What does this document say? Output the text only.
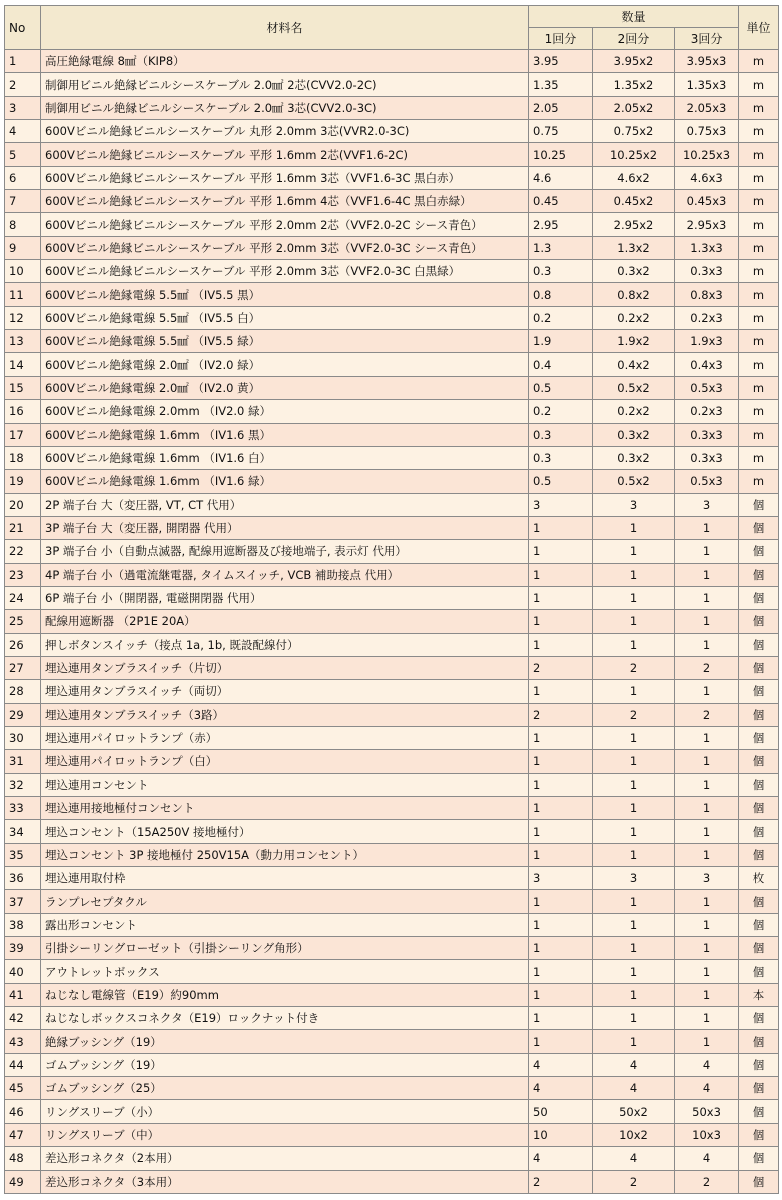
No	材料名	数量			単位
		1回分	2回分	3回分	
1	高圧絶縁電線 8㎟（KIP8）	3.95	3.95x2	3.95x3	m
2	制御用ビニル絶縁ビニルシースケーブル 2.0㎟ 2芯(CVV2.0-2C)	1.35	1.35x2	1.35x3	m
3	制御用ビニル絶縁ビニルシースケーブル 2.0㎟ 3芯(CVV2.0-3C)	2.05	2.05x2	2.05x3	m
4	600Vビニル絶縁ビニルシースケーブル 丸形 2.0mm 3芯(VVR2.0-3C)	0.75	0.75x2	0.75x3	m
5	600Vビニル絶縁ビニルシースケーブル 平形 1.6mm 2芯(VVF1.6-2C)	10.25	10.25x2	10.25x3	m
6	600Vビニル絶縁ビニルシースケーブル 平形 1.6mm 3芯（VVF1.6-3C 黒白赤）	4.6	4.6x2	4.6x3	m
7	600Vビニル絶縁ビニルシースケーブル 平形 1.6mm 4芯（VVF1.6-4C 黒白赤緑）	0.45	0.45x2	0.45x3	m
8	600Vビニル絶縁ビニルシースケーブル 平形 2.0mm 2芯（VVF2.0-2C シース青色）	2.95	2.95x2	2.95x3	m
9	600Vビニル絶縁ビニルシースケーブル 平形 2.0mm 3芯（VVF2.0-3C シース青色）	1.3	1.3x2	1.3x3	m
10	600Vビニル絶縁ビニルシースケーブル 平形 2.0mm 3芯（VVF2.0-3C 白黒緑）	0.3	0.3x2	0.3x3	m
11	600Vビニル絶縁電線 5.5㎟ （IV5.5 黒）	0.8	0.8x2	0.8x3	m
12	600Vビニル絶縁電線 5.5㎟ （IV5.5 白）	0.2	0.2x2	0.2x3	m
13	600Vビニル絶縁電線 5.5㎟ （IV5.5 緑）	1.9	1.9x2	1.9x3	m
14	600Vビニル絶縁電線 2.0㎟ （IV2.0 緑）	0.4	0.4x2	0.4x3	m
15	600Vビニル絶縁電線 2.0㎟ （IV2.0 黄）	0.5	0.5x2	0.5x3	m
16	600Vビニル絶縁電線 2.0mm （IV2.0 緑）	0.2	0.2x2	0.2x3	m
17	600Vビニル絶縁電線 1.6mm （IV1.6 黒）	0.3	0.3x2	0.3x3	m
18	600Vビニル絶縁電線 1.6mm （IV1.6 白）	0.3	0.3x2	0.3x3	m
19	600Vビニル絶縁電線 1.6mm （IV1.6 緑）	0.5	0.5x2	0.5x3	m
20	2P 端子台 大（変圧器, VT, CT 代用）	3	3	3	個
21	3P 端子台 大（変圧器, 開閉器 代用）	1	1	1	個
22	3P 端子台 小（自動点滅器, 配線用遮断器及び接地端子, 表示灯 代用）	1	1	1	個
23	4P 端子台 小（過電流継電器, タイムスイッチ, VCB 補助接点 代用）	1	1	1	個
24	6P 端子台 小（開閉器, 電磁開閉器 代用）	1	1	1	個
25	配線用遮断器 （2P1E 20A）	1	1	1	個
26	押しボタンスイッチ（接点 1a, 1b, 既設配線付）	1	1	1	個
27	埋込連用タンブラスイッチ（片切）	2	2	2	個
28	埋込連用タンブラスイッチ（両切）	1	1	1	個
29	埋込連用タンブラスイッチ（3路）	2	2	2	個
30	埋込連用パイロットランプ（赤）	1	1	1	個
31	埋込連用パイロットランプ（白）	1	1	1	個
32	埋込連用コンセント	1	1	1	個
33	埋込連用接地極付コンセント	1	1	1	個
34	埋込コンセント（15A250V 接地極付）	1	1	1	個
35	埋込コンセント 3P 接地極付 250V15A（動力用コンセント）	1	1	1	個
36	埋込連用取付枠	3	3	3	枚
37	ランプレセプタクル	1	1	1	個
38	露出形コンセント	1	1	1	個
39	引掛シーリングローゼット（引掛シーリング角形）	1	1	1	個
40	アウトレットボックス	1	1	1	個
41	ねじなし電線管（E19）約90mm	1	1	1	本
42	ねじなしボックスコネクタ（E19）ロックナット付き	1	1	1	個
43	絶縁ブッシング（19）	1	1	1	個
44	ゴムブッシング（19）	4	4	4	個
45	ゴムブッシング（25）	4	4	4	個
46	リングスリーブ（小）	50	50x2	50x3	個
47	リングスリーブ（中）	10	10x2	10x3	個
48	差込形コネクタ（2本用）	4	4	4	個
49	差込形コネクタ（3本用）	2	2	2	個
